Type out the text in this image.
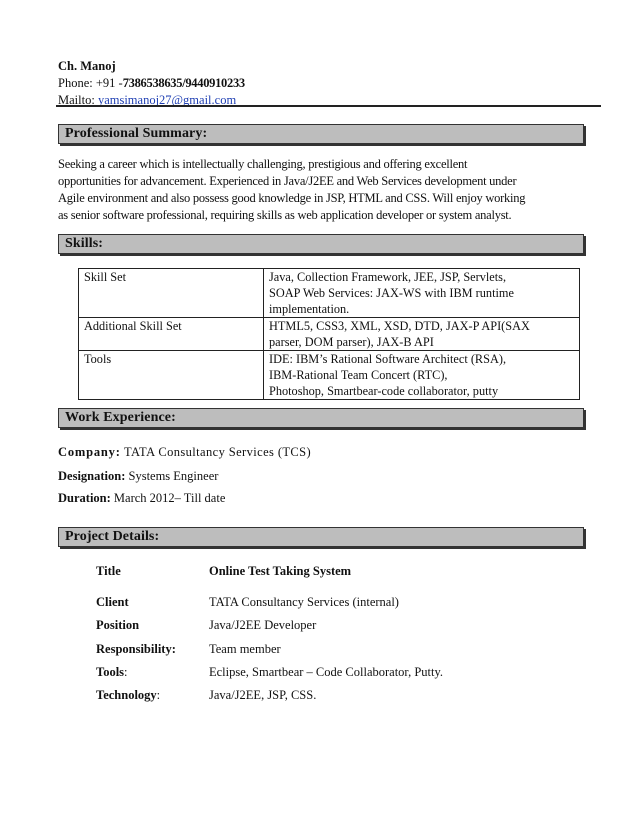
Ch. Manoj
Phone: +91 -7386538635/9440910233
Mailto: yamsimanoj27@gmail.com
Professional Summary:
Seeking a career which is intellectually challenging, prestigious and offering excellent
opportunities for advancement. Experienced in Java/J2EE and Web Services development under
Agile environment and also possess good knowledge in JSP, HTML and CSS. Will enjoy working
as senior software professional, requiring skills as web application developer or system analyst.
Skills:
Skill Set	Java, Collection Framework, JEE, JSP, Servlets,
SOAP Web Services: JAX-WS with IBM runtime
implementation.

Additional Skill Set	HTML5, CSS3, XML, XSD, DTD, JAX-P API(SAX
parser, DOM parser), JAX-B API

Tools	IDE: IBM’s Rational Software Architect (RSA),
IBM-Rational Team Concert (RTC),
Photoshop, Smartbear-code collaborator, putty
Work Experience:
Company: TATA Consultancy Services (TCS)
Designation: Systems Engineer
Duration: March 2012– Till date
Project Details:
Title	Online Test Taking System
Client	TATA Consultancy Services (internal)
Position	Java/J2EE Developer
Responsibility:	Team member
Tools:	Eclipse, Smartbear – Code Collaborator, Putty.
Technology:	Java/J2EE, JSP, CSS.
